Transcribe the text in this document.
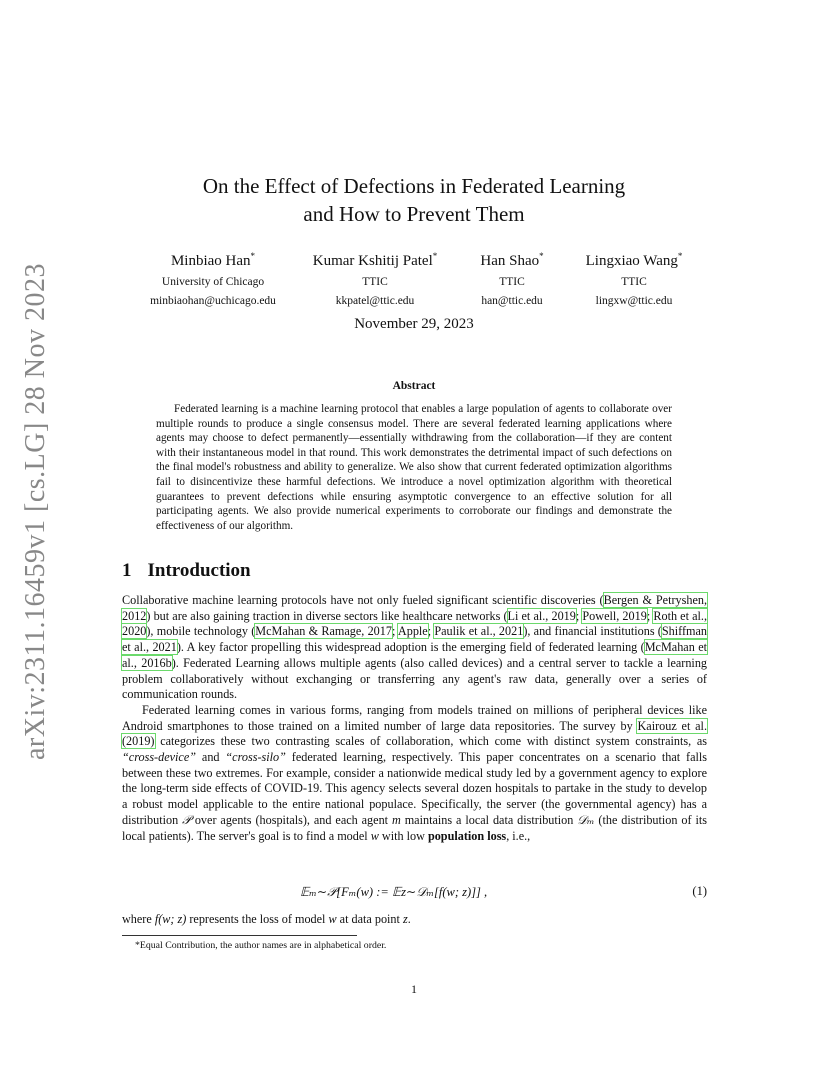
arXiv:2311.16459v1 [cs.LG] 28 Nov 2023
On the Effect of Defections in Federated Learning
and How to Prevent Them
Minbiao Han*
University of Chicago
minbiaohan@uchicago.edu
Kumar Kshitij Patel*
TTIC
kkpatel@ttic.edu
Han Shao*
TTIC
han@ttic.edu
Lingxiao Wang*
TTIC
lingxw@ttic.edu
November 29, 2023
Abstract
Federated learning is a machine learning protocol that enables a large population of agents to collaborate over multiple rounds to produce a single consensus model. There are several federated learning applications where agents may choose to defect permanently—essentially withdrawing from the collaboration—if they are content with their instantaneous model in that round. This work demonstrates the detrimental impact of such defections on the final model's robustness and ability to generalize. We also show that current federated optimization algorithms fail to disincentivize these harmful defections. We introduce a novel optimization algorithm with theoretical guarantees to prevent defections while ensuring asymptotic convergence to an effective solution for all participating agents. We also provide numerical experiments to corroborate our findings and demonstrate the effectiveness of our algorithm.
1 Introduction

Collaborative machine learning protocols have not only fueled significant scientific discoveries (Bergen & Petryshen, 2012) but are also gaining traction in diverse sectors like healthcare networks (Li et al., 2019; Powell, 2019; Roth et al., 2020), mobile technology (McMahan & Ramage, 2017; Apple; Paulik et al., 2021), and financial institutions (Shiffman et al., 2021). A key factor propelling this widespread adoption is the emerging field of federated learning (McMahan et al., 2016b). Federated Learning allows multiple agents (also called devices) and a central server to tackle a learning problem collaboratively without exchanging or transferring any agent's raw data, generally over a series of communication rounds.

Federated learning comes in various forms, ranging from models trained on millions of peripheral devices like Android smartphones to those trained on a limited number of large data repositories. The survey by Kairouz et al. (2019) categorizes these two contrasting scales of collaboration, which come with distinct system constraints, as “cross-device” and “cross-silo” federated learning, respectively. This paper concentrates on a scenario that falls between these two extremes. For example, consider a nationwide medical study led by a government agency to explore the long-term side effects of COVID-19. This agency selects several dozen hospitals to partake in the study to develop a robust model applicable to the entire national populace. Specifically, the server (the governmental agency) has a distribution 𝒫 over agents (hospitals), and each agent m maintains a local data distribution 𝒟ₘ (the distribution of its local patients). The server's goal is to find a model w with low population loss, i.e.,

𝔼ₘ∼𝒫[Fₘ(w) := 𝔼z∼𝒟ₘ[f(w; z)]] ,	(1)
where f(w; z) represents the loss of model w at data point z.
*Equal Contribution, the author names are in alphabetical order.
1
